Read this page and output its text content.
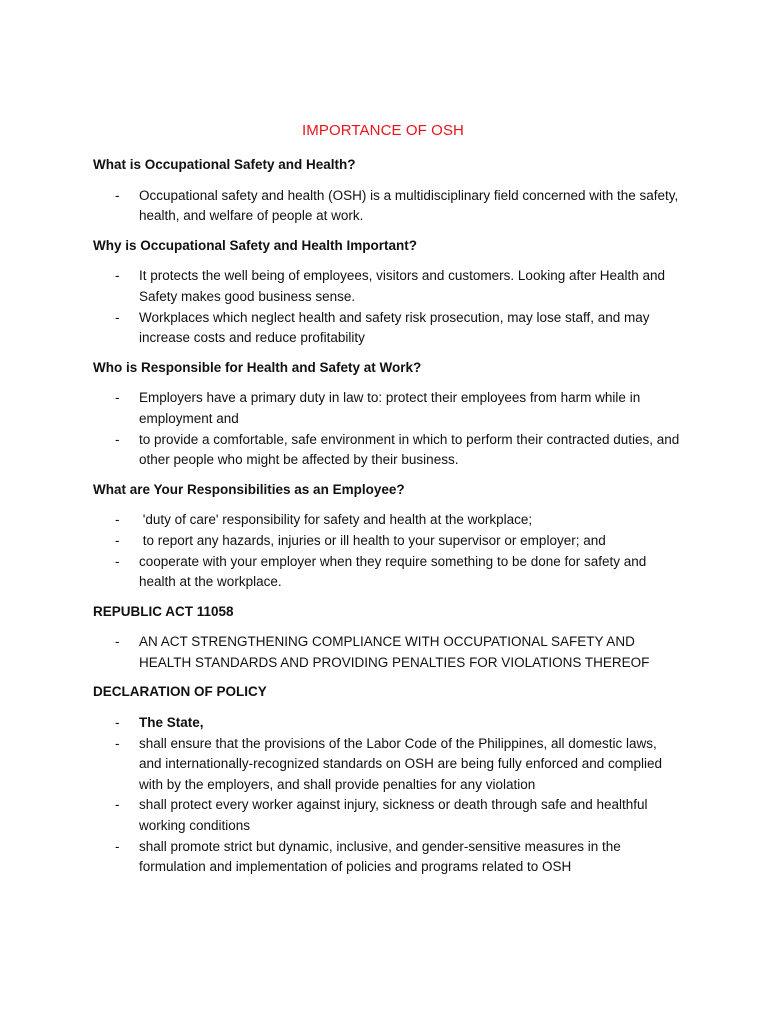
IMPORTANCE OF OSH

What is Occupational Safety and Health?

- Occupational safety and health (OSH) is a multidisciplinary field concerned with the safety, health, and welfare of people at work.

Why is Occupational Safety and Health Important?

- It protects the well being of employees, visitors and customers. Looking after Health and Safety makes good business sense.
- Workplaces which neglect health and safety risk prosecution, may lose staff, and may increase costs and reduce profitability

Who is Responsible for Health and Safety at Work?

- Employers have a primary duty in law to: protect their employees from harm while in employment and
- to provide a comfortable, safe environment in which to perform their contracted duties, and other people who might be affected by their business.

What are Your Responsibilities as an Employee?

- 'duty of care' responsibility for safety and health at the workplace;
- to report any hazards, injuries or ill health to your supervisor or employer; and
- cooperate with your employer when they require something to be done for safety and health at the workplace.

REPUBLIC ACT 11058

- AN ACT STRENGTHENING COMPLIANCE WITH OCCUPATIONAL SAFETY AND HEALTH STANDARDS AND PROVIDING PENALTIES FOR VIOLATIONS THEREOF

DECLARATION OF POLICY

- The State,
- shall ensure that the provisions of the Labor Code of the Philippines, all domestic laws, and internationally-recognized standards on OSH are being fully enforced and complied with by the employers, and shall provide penalties for any violation
- shall protect every worker against injury, sickness or death through safe and healthful working conditions
- shall promote strict but dynamic, inclusive, and gender-sensitive measures in the formulation and implementation of policies and programs related to OSH
